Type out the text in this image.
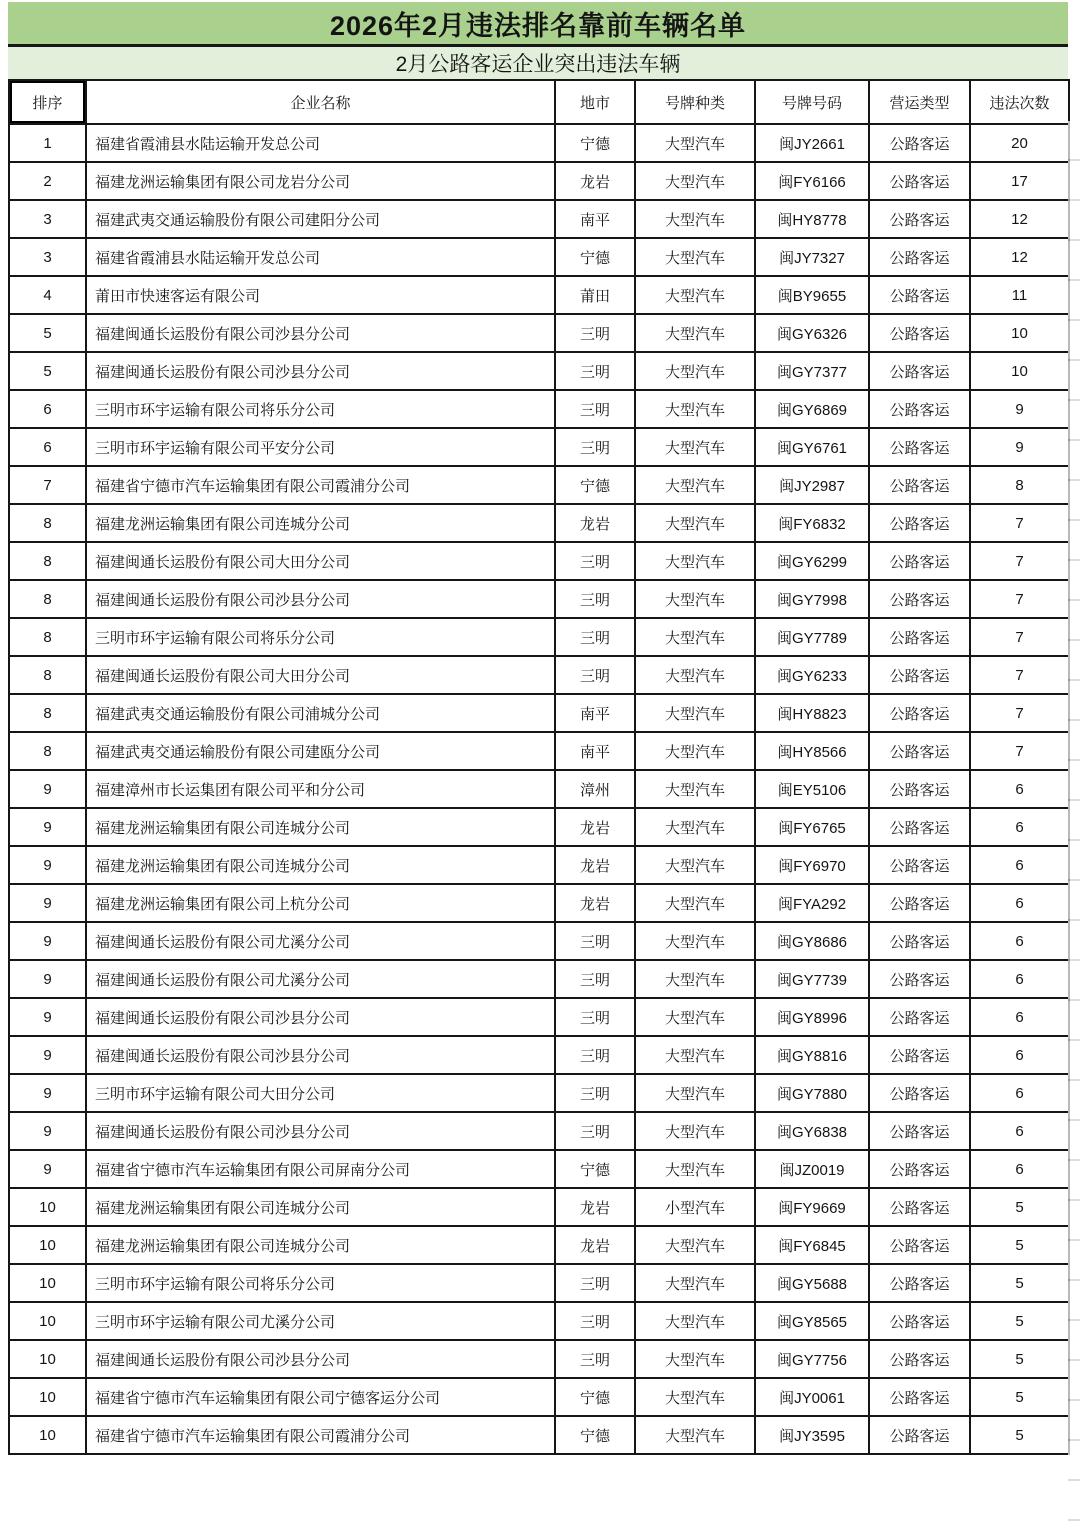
2026年2月违法排名靠前车辆名单
2月公路客运企业突出违法车辆
排序	企业名称	地市	号牌种类	号牌号码	营运类型	违法次数
1	福建省霞浦县水陆运输开发总公司	宁德	大型汽车	闽JY2661	公路客运	20
2	福建龙洲运输集团有限公司龙岩分公司	龙岩	大型汽车	闽FY6166	公路客运	17
3	福建武夷交通运输股份有限公司建阳分公司	南平	大型汽车	闽HY8778	公路客运	12
3	福建省霞浦县水陆运输开发总公司	宁德	大型汽车	闽JY7327	公路客运	12
4	莆田市快速客运有限公司	莆田	大型汽车	闽BY9655	公路客运	11
5	福建闽通长运股份有限公司沙县分公司	三明	大型汽车	闽GY6326	公路客运	10
5	福建闽通长运股份有限公司沙县分公司	三明	大型汽车	闽GY7377	公路客运	10
6	三明市环宇运输有限公司将乐分公司	三明	大型汽车	闽GY6869	公路客运	9
6	三明市环宇运输有限公司平安分公司	三明	大型汽车	闽GY6761	公路客运	9
7	福建省宁德市汽车运输集团有限公司霞浦分公司	宁德	大型汽车	闽JY2987	公路客运	8
8	福建龙洲运输集团有限公司连城分公司	龙岩	大型汽车	闽FY6832	公路客运	7
8	福建闽通长运股份有限公司大田分公司	三明	大型汽车	闽GY6299	公路客运	7
8	福建闽通长运股份有限公司沙县分公司	三明	大型汽车	闽GY7998	公路客运	7
8	三明市环宇运输有限公司将乐分公司	三明	大型汽车	闽GY7789	公路客运	7
8	福建闽通长运股份有限公司大田分公司	三明	大型汽车	闽GY6233	公路客运	7
8	福建武夷交通运输股份有限公司浦城分公司	南平	大型汽车	闽HY8823	公路客运	7
8	福建武夷交通运输股份有限公司建瓯分公司	南平	大型汽车	闽HY8566	公路客运	7
9	福建漳州市长运集团有限公司平和分公司	漳州	大型汽车	闽EY5106	公路客运	6
9	福建龙洲运输集团有限公司连城分公司	龙岩	大型汽车	闽FY6765	公路客运	6
9	福建龙洲运输集团有限公司连城分公司	龙岩	大型汽车	闽FY6970	公路客运	6
9	福建龙洲运输集团有限公司上杭分公司	龙岩	大型汽车	闽FYA292	公路客运	6
9	福建闽通长运股份有限公司尤溪分公司	三明	大型汽车	闽GY8686	公路客运	6
9	福建闽通长运股份有限公司尤溪分公司	三明	大型汽车	闽GY7739	公路客运	6
9	福建闽通长运股份有限公司沙县分公司	三明	大型汽车	闽GY8996	公路客运	6
9	福建闽通长运股份有限公司沙县分公司	三明	大型汽车	闽GY8816	公路客运	6
9	三明市环宇运输有限公司大田分公司	三明	大型汽车	闽GY7880	公路客运	6
9	福建闽通长运股份有限公司沙县分公司	三明	大型汽车	闽GY6838	公路客运	6
9	福建省宁德市汽车运输集团有限公司屏南分公司	宁德	大型汽车	闽JZ0019	公路客运	6
10	福建龙洲运输集团有限公司连城分公司	龙岩	小型汽车	闽FY9669	公路客运	5
10	福建龙洲运输集团有限公司连城分公司	龙岩	大型汽车	闽FY6845	公路客运	5
10	三明市环宇运输有限公司将乐分公司	三明	大型汽车	闽GY5688	公路客运	5
10	三明市环宇运输有限公司尤溪分公司	三明	大型汽车	闽GY8565	公路客运	5
10	福建闽通长运股份有限公司沙县分公司	三明	大型汽车	闽GY7756	公路客运	5
10	福建省宁德市汽车运输集团有限公司宁德客运分公司	宁德	大型汽车	闽JY0061	公路客运	5
10	福建省宁德市汽车运输集团有限公司霞浦分公司	宁德	大型汽车	闽JY3595	公路客运	5
